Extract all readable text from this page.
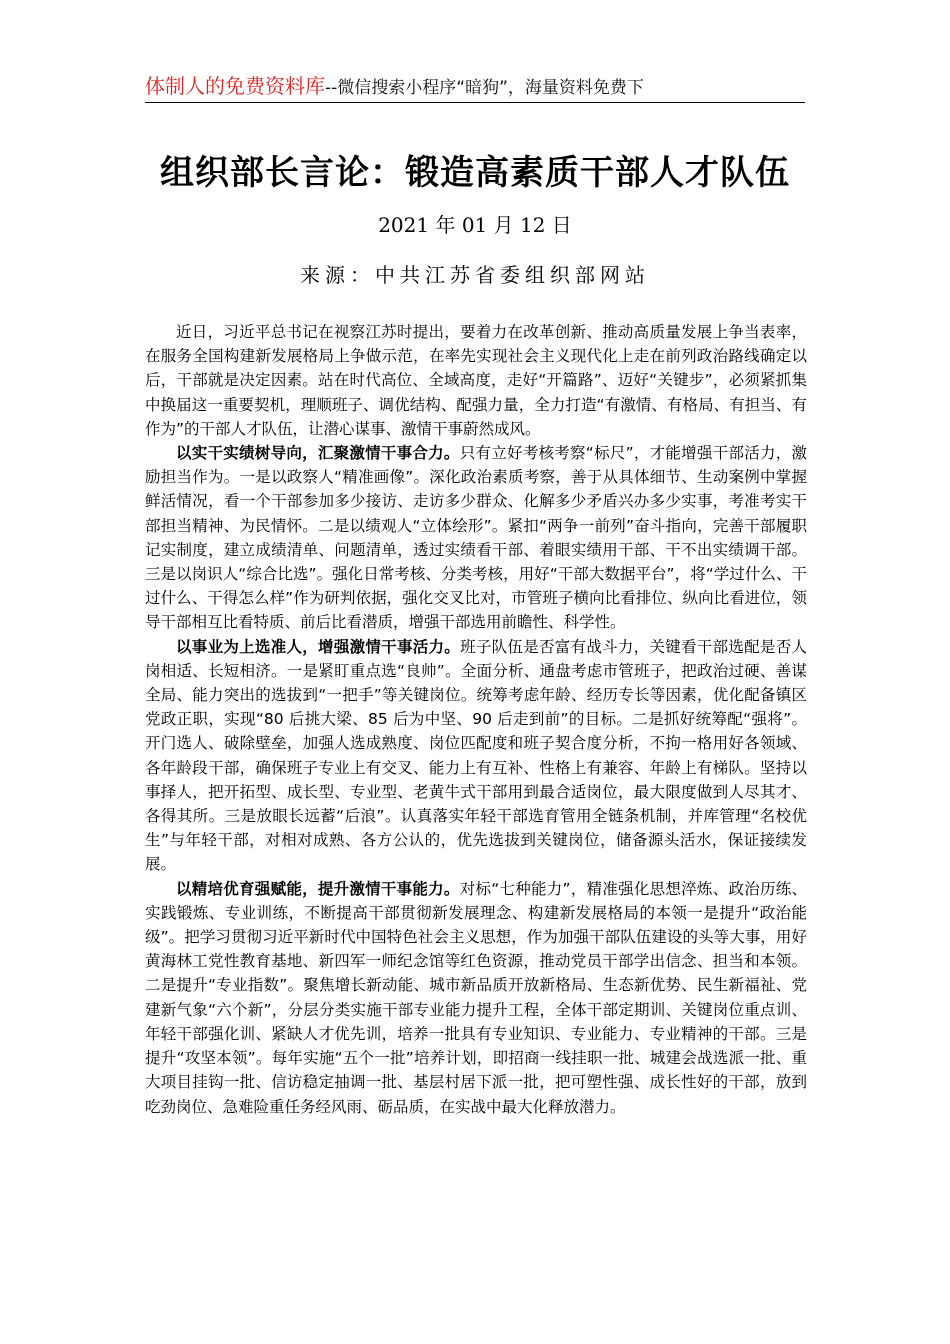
体制人的免费资料库--微信搜索小程序“暗狗”，海量资料免费下
组织部长言论：锻造高素质干部人才队伍
2021 年 01 月 12 日
来源：中共江苏省委组织部网站

近日，习近平总书记在视察江苏时提出，要着力在改革创新、推动高质量发展上争当表率，在服务全国构建新发展格局上争做示范，在率先实现社会主义现代化上走在前列政治路线确定以后，干部就是决定因素。站在时代高位、全域高度，走好“开篇路”、迈好“关键步”，必须紧抓集中换届这一重要契机，理顺班子、调优结构、配强力量，全力打造“有激情、有格局、有担当、有作为”的干部人才队伍，让潜心谋事、激情干事蔚然成风。

以实干实绩树导向，汇聚激情干事合力。只有立好考核考察“标尺”，才能增强干部活力，激励担当作为。一是以政察人“精准画像”。深化政治素质考察，善于从具体细节、生动案例中掌握鲜活情况，看一个干部参加多少接访、走访多少群众、化解多少矛盾兴办多少实事，考准考实干部担当精神、为民情怀。二是以绩观人“立体绘形”。紧扣“两争一前列”奋斗指向，完善干部履职记实制度，建立成绩清单、问题清单，透过实绩看干部、着眼实绩用干部、干不出实绩调干部。三是以岗识人“综合比选”。强化日常考核、分类考核，用好“干部大数据平台”，将“学过什么、干过什么、干得怎么样”作为研判依据，强化交叉比对，市管班子横向比看排位、纵向比看进位，领导干部相互比看特质、前后比看潜质，增强干部选用前瞻性、科学性。

以事业为上选准人，增强激情干事活力。班子队伍是否富有战斗力，关键看干部选配是否人岗相适、长短相济。一是紧盯重点选“良帅”。全面分析、通盘考虑市管班子，把政治过硬、善谋全局、能力突出的选拔到“一把手”等关键岗位。统筹考虑年龄、经历专长等因素，优化配备镇区党政正职，实现“80 后挑大梁、85 后为中坚、90 后走到前”的目标。二是抓好统筹配“强将”。开门选人、破除壁垒，加强人选成熟度、岗位匹配度和班子契合度分析，不拘一格用好各领域、各年龄段干部，确保班子专业上有交叉、能力上有互补、性格上有兼容、年龄上有梯队。坚持以事择人，把开拓型、成长型、专业型、老黄牛式干部用到最合适岗位，最大限度做到人尽其才、各得其所。三是放眼长远蓄“后浪”。认真落实年轻干部选育管用全链条机制，并库管理“名校优生”与年轻干部，对相对成熟、各方公认的，优先选拔到关键岗位，储备源头活水，保证接续发展。

以精培优育强赋能，提升激情干事能力。对标“七种能力”，精准强化思想淬炼、政治历练、实践锻炼、专业训练，不断提高干部贯彻新发展理念、构建新发展格局的本领一是提升“政治能级”。把学习贯彻习近平新时代中国特色社会主义思想，作为加强干部队伍建设的头等大事，用好黄海林工党性教育基地、新四军一师纪念馆等红色资源，推动党员干部学出信念、担当和本领。二是提升“专业指数”。聚焦增长新动能、城市新品质开放新格局、生态新优势、民生新福祉、党建新气象“六个新”，分层分类实施干部专业能力提升工程，全体干部定期训、关键岗位重点训、年轻干部强化训、紧缺人才优先训，培养一批具有专业知识、专业能力、专业精神的干部。三是提升“攻坚本领”。每年实施“五个一批”培养计划，即招商一线挂职一批、城建会战选派一批、重大项目挂钩一批、信访稳定抽调一批、基层村居下派一批，把可塑性强、成长性好的干部，放到吃劲岗位、急难险重任务经风雨、砺品质，在实战中最大化释放潜力。
